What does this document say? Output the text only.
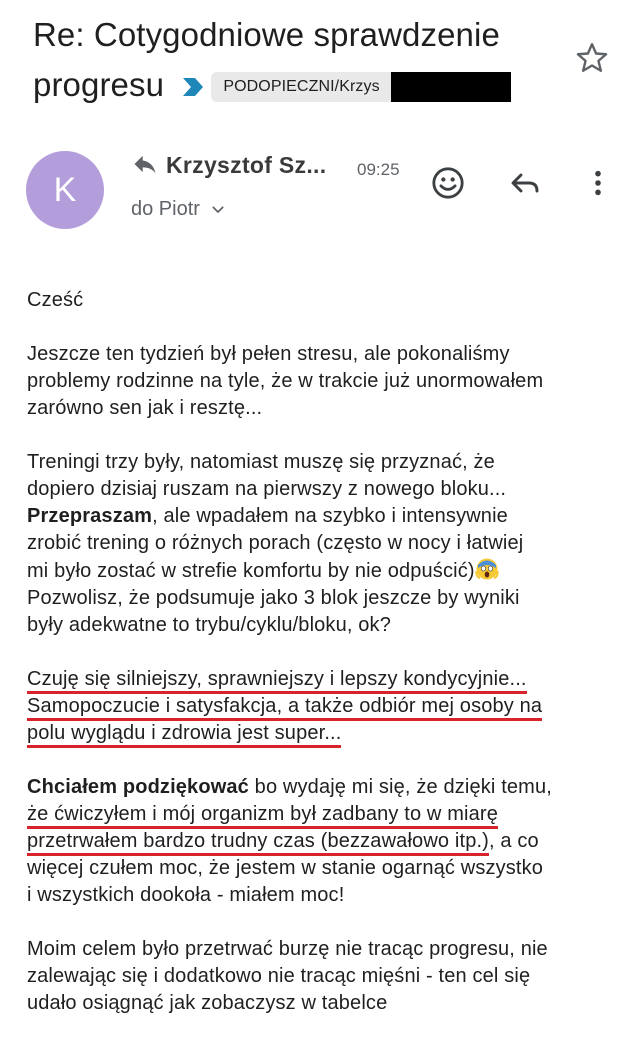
Re: Cotygodniowe sprawdzenie
progresu	PODOPIECZNI/Krzys
K
Krzysztof Sz... 09:25
do Piotr

Cześć

Jeszcze ten tydzień był pełen stresu, ale pokonaliśmy
problemy rodzinne na tyle, że w trakcie już unormowałem
zarówno sen jak i resztę...

Treningi trzy były, natomiast muszę się przyznać, że
dopiero dzisiaj ruszam na pierwszy z nowego bloku...
Przepraszam, ale wpadałem na szybko i intensywnie
zrobić trening o różnych porach (często w nocy i łatwiej
mi było zostać w strefie komfortu by nie odpuścić)
Pozwolisz, że podsumuje jako 3 blok jeszcze by wyniki
były adekwatne to trybu/cyklu/bloku, ok?

Czuję się silniejszy, sprawniejszy i lepszy kondycyjnie...
Samopoczucie i satysfakcja, a także odbiór mej osoby na
polu wyglądu i zdrowia jest super...

Chciałem podziękować bo wydaję mi się, że dzięki temu,
że ćwiczyłem i mój organizm był zadbany to w miarę
przetrwałem bardzo trudny czas (bezzawałowo itp.), a co
więcej czułem moc, że jestem w stanie ogarnąć wszystko
i wszystkich dookoła - miałem moc!

Moim celem było przetrwać burzę nie tracąc progresu, nie
zalewając się i dodatkowo nie tracąc mięśni - ten cel się
udało osiągnąć jak zobaczysz w tabelce
